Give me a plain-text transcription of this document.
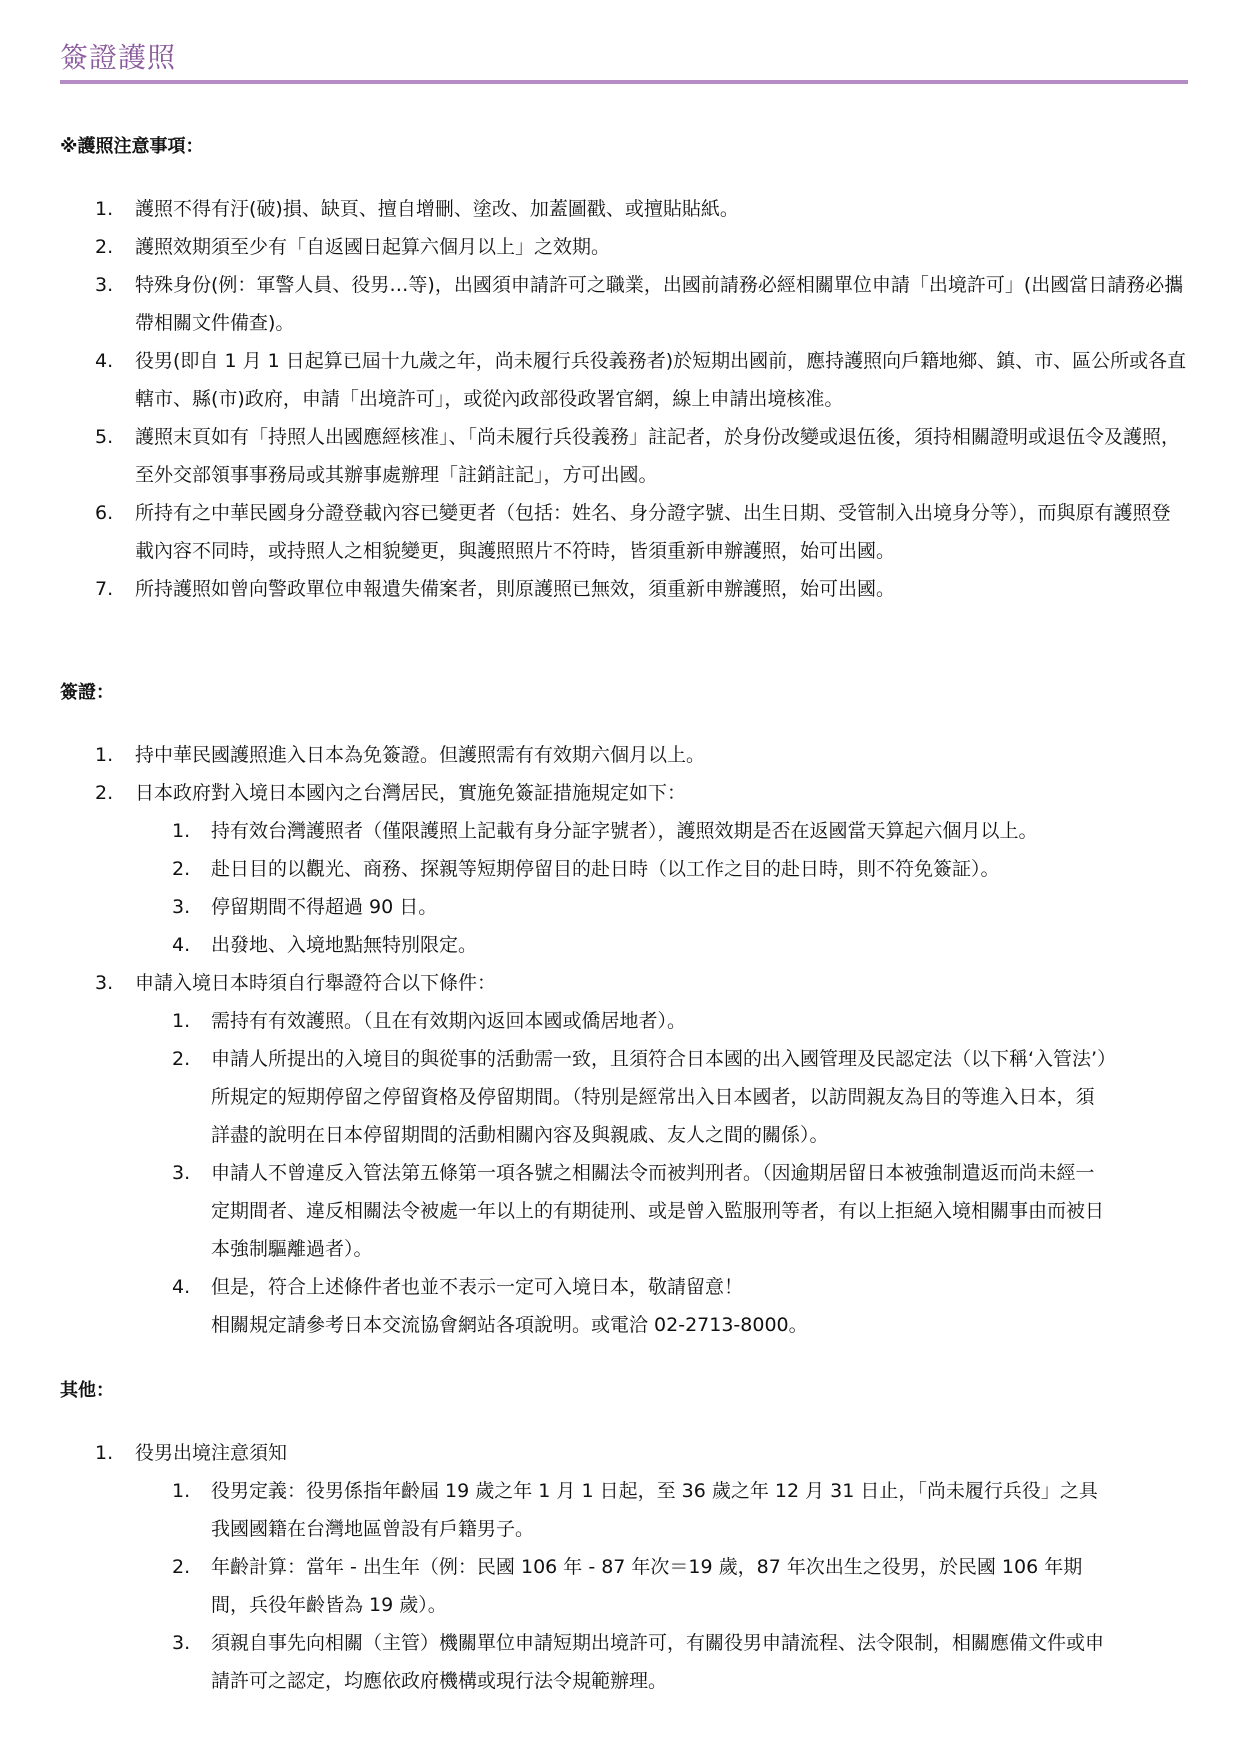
簽證護照
※護照注意事項：
1. 護照不得有汙(破)損、缺頁、擅自增刪、塗改、加蓋圖戳、或擅貼貼紙。
2. 護照效期須至少有「自返國日起算六個月以上」之效期。
3. 特殊身份(例：軍警人員、役男…等)，出國須申請許可之職業，出國前請務必經相關單位申請「出境許可」(出國當日請務必攜帶相關文件備查)。
4. 役男(即自 1 月 1 日起算已屆十九歲之年，尚未履行兵役義務者)於短期出國前，應持護照向戶籍地鄉、鎮、市、區公所或各直轄市、縣(市)政府，申請「出境許可」，或從內政部役政署官網，線上申請出境核准。
5. 護照末頁如有「持照人出國應經核准」、「尚未履行兵役義務」註記者，於身份改變或退伍後，須持相關證明或退伍令及護照，至外交部領事事務局或其辦事處辦理「註銷註記」，方可出國。
6. 所持有之中華民國身分證登載內容已變更者（包括：姓名、身分證字號、出生日期、受管制入出境身分等），而與原有護照登載內容不同時，或持照人之相貌變更，與護照照片不符時，皆須重新申辦護照，始可出國。
7. 所持護照如曾向警政單位申報遺失備案者，則原護照已無效，須重新申辦護照，始可出國。
簽證：
1. 持中華民國護照進入日本為免簽證。但護照需有有效期六個月以上。
2. 日本政府對入境日本國內之台灣居民，實施免簽証措施規定如下：
1. 持有效台灣護照者（僅限護照上記載有身分証字號者），護照效期是否在返國當天算起六個月以上。
2. 赴日目的以觀光、商務、探親等短期停留目的赴日時（以工作之目的赴日時，則不符免簽証）。
3. 停留期間不得超過 90 日。
4. 出發地、入境地點無特別限定。
3. 申請入境日本時須自行舉證符合以下條件：
1. 需持有有效護照。（且在有效期內返回本國或僑居地者）。
2. 申請人所提出的入境目的與從事的活動需一致，且須符合日本國的出入國管理及民認定法（以下稱‘入管法’）所規定的短期停留之停留資格及停留期間。（特別是經常出入日本國者，以訪問親友為目的等進入日本，須詳盡的說明在日本停留期間的活動相關內容及與親戚、友人之間的關係）。
3. 申請人不曾違反入管法第五條第一項各號之相關法令而被判刑者。（因逾期居留日本被強制遣返而尚未經一定期間者、違反相關法令被處一年以上的有期徒刑、或是曾入監服刑等者，有以上拒絕入境相關事由而被日本強制驅離過者）。
4. 但是，符合上述條件者也並不表示一定可入境日本，敬請留意！
相關規定請參考日本交流協會網站各項說明。或電洽 02-2713-8000。
其他：
1. 役男出境注意須知
1. 役男定義：役男係指年齡屆 19 歲之年 1 月 1 日起，至 36 歲之年 12 月 31 日止，「尚未履行兵役」之具我國國籍在台灣地區曾設有戶籍男子。
2. 年齡計算：當年 - 出生年（例：民國 106 年 - 87 年次＝19 歲，87 年次出生之役男，於民國 106 年期間，兵役年齡皆為 19 歲）。
3. 須親自事先向相關（主管）機關單位申請短期出境許可，有關役男申請流程、法令限制，相關應備文件或申請許可之認定，均應依政府機構或現行法令規範辦理。
